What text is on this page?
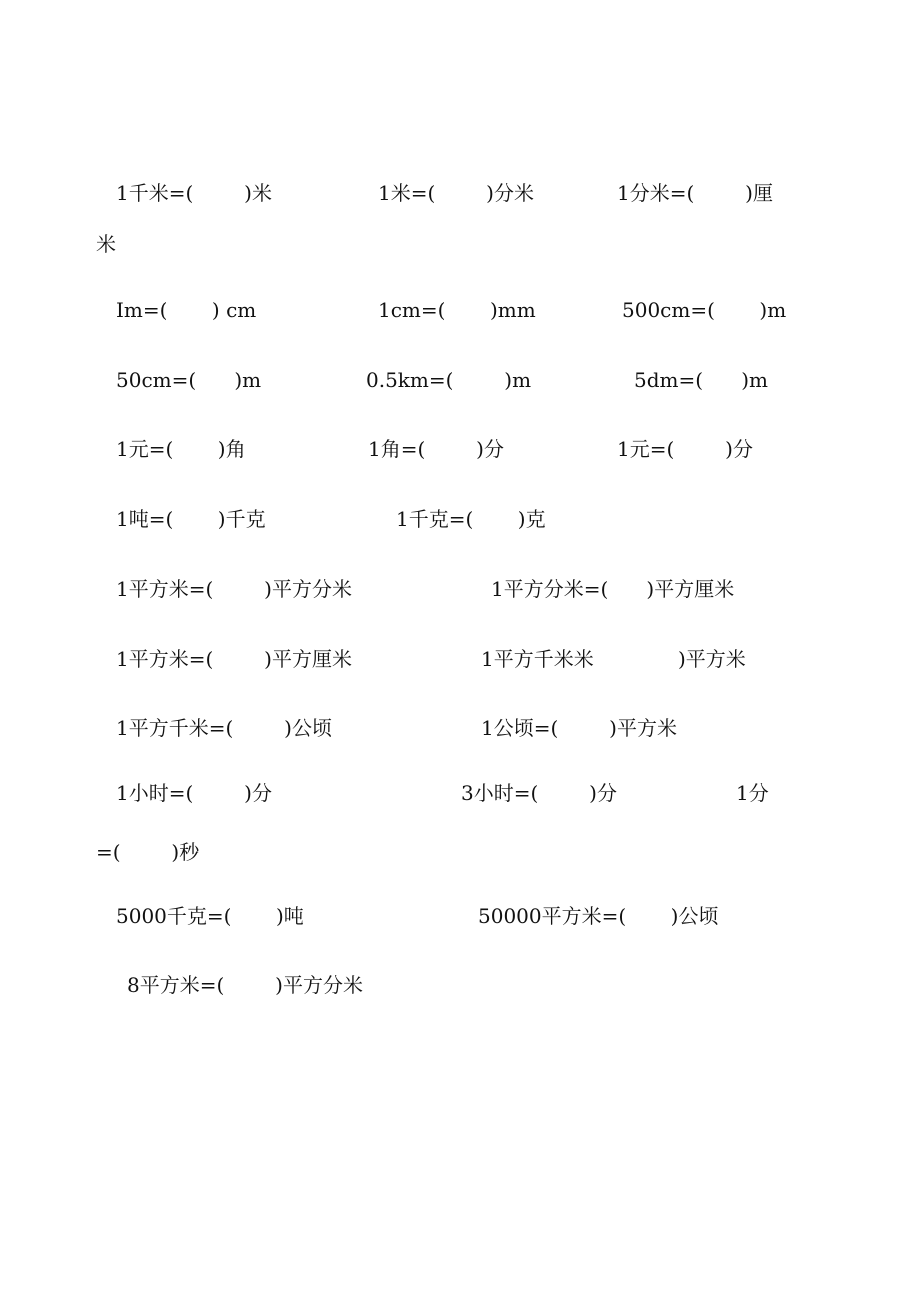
1千米=(        )米	1米=(        )分米	1分米=(        )厘
米
Im=(       ) cm	1cm=(       )mm	500cm=(       )m
50cm=(      )m	0.5km=(        )m	5dm=(      )m
1元=(       )角	1角=(        )分	1元=(        )分
1吨=(       )千克	1千克=(       )克
1平方米=(        )平方分米	1平方分米=(      )平方厘米
1平方米=(        )平方厘米	1平方千米米	)平方米
1平方千米=(        )公顷	1公顷=(        )平方米
1小时=(        )分	3小时=(        )分	1分
=(        )秒
5000千克=(       )吨	50000平方米=(       )公顷
8平方米=(        )平方分米
